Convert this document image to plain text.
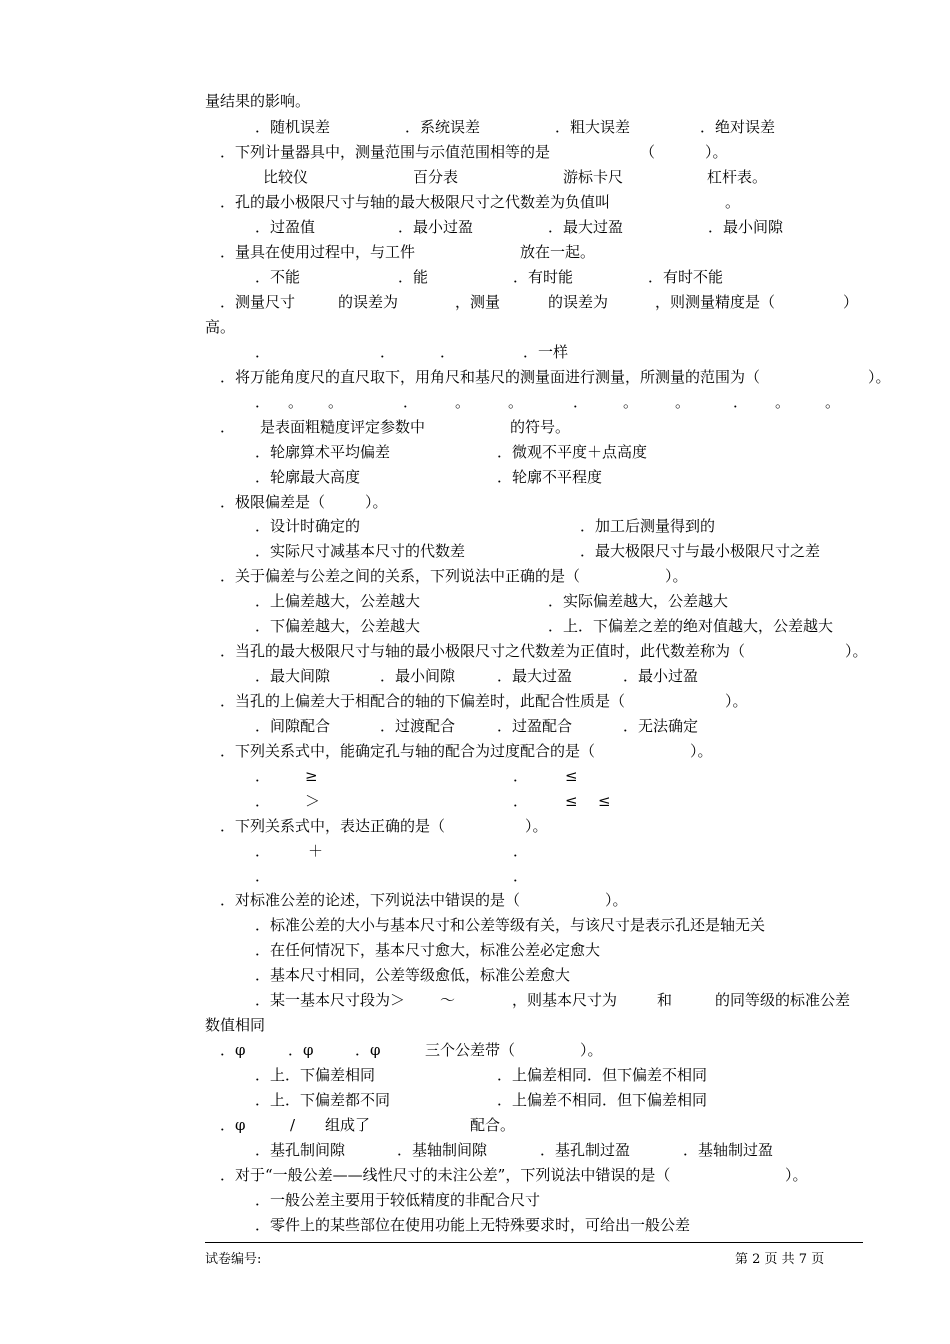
量结果的影响。
．随机误差	．系统误差	．粗大误差	．绝对误差
．下列计量器具中，测量范围与示值范围相等的是	（	）。
比较仪	百分表	游标卡尺	杠杆表。
．孔的最小极限尺寸与轴的最大极限尺寸之代数差为负值叫	。
．过盈值	．最小过盈	．最大过盈	．最小间隙
．量具在使用过程中，与工件	放在一起。
．不能	．能	．有时能	．有时不能
．测量尺寸	的误差为	，测量	的误差为	，则测量精度是（	）
高。
．	．	．	．一样
．将万能角度尺的直尺取下，用角尺和基尺的测量面进行测量，所测量的范围为（	）。
． 。 。	． 。	。	． 。 。	． 。 。
． 是表面粗糙度评定参数中	的符号。
．轮廓算术平均偏差	．微观不平度＋点高度
．轮廓最大高度	．轮廓不平程度
．极限偏差是（	）。
．设计时确定的	．加工后测量得到的
．实际尺寸减基本尺寸的代数差	．最大极限尺寸与最小极限尺寸之差
．关于偏差与公差之间的关系，下列说法中正确的是（	）。
．上偏差越大，公差越大	．实际偏差越大，公差越大
．下偏差越大，公差越大	．上．下偏差之差的绝对值越大，公差越大
．当孔的最大极限尺寸与轴的最小极限尺寸之代数差为正值时，此代数差称为（	）。
．最大间隙	．最小间隙	．最大过盈	．最小过盈
．当孔的上偏差大于相配合的轴的下偏差时，此配合性质是（	）。
．间隙配合	．过渡配合	．过盈配合	．无法确定
．下列关系式中，能确定孔与轴的配合为过度配合的是（	）。
． ≥	． ≤
． ＞	． ≤ ≤
．下列关系式中，表达正确的是（	）。
．	＋	．
．	．
．对标准公差的论述，下列说法中错误的是（	）。
．标准公差的大小与基本尺寸和公差等级有关，与该尺寸是表示孔还是轴无关
．在任何情况下，基本尺寸愈大，标准公差必定愈大
．基本尺寸相同，公差等级愈低，标准公差愈大
．某一基本尺寸段为＞ ～	，则基本尺寸为	和	的同等级的标准公差
数值相同
．φ	．φ	．φ	三个公差带（	）。
．上．下偏差相同	．上偏差相同．但下偏差不相同
．上．下偏差都不同	．上偏差不相同．但下偏差相同
．φ	/ 组成了	配合。
．基孔制间隙	．基轴制间隙	．基孔制过盈	．基轴制过盈
．对于“一般公差——线性尺寸的未注公差”，下列说法中错误的是（	）。
．一般公差主要用于较低精度的非配合尺寸
．零件上的某些部位在使用功能上无特殊要求时，可给出一般公差
试卷编号:	第 2 页 共 7 页
